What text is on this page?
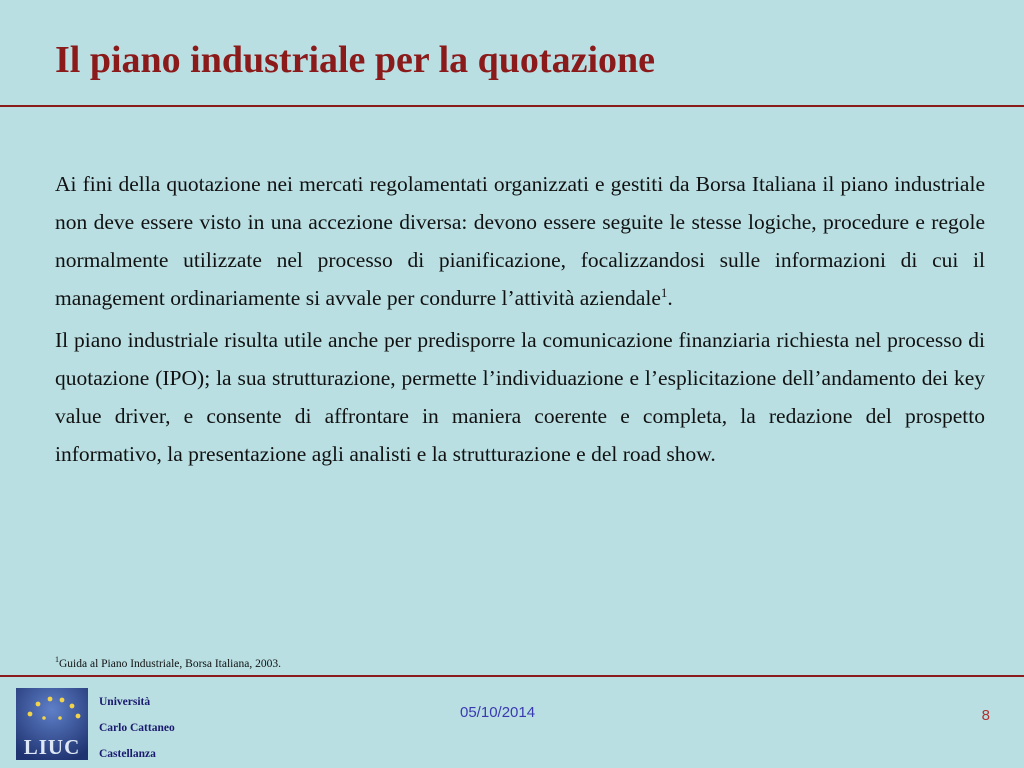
Il piano industriale per la quotazione

Ai fini della quotazione nei mercati regolamentati organizzati e gestiti da Borsa Italiana il piano industriale non deve essere visto in una accezione diversa: devono essere seguite le stesse logiche, procedure e regole normalmente utilizzate nel processo di pianificazione, focalizzandosi sulle informazioni di cui il management ordinariamente si avvale per condurre l’attività aziendale$^1$.

Il piano industriale risulta utile anche per predisporre la comunicazione finanziaria richiesta nel processo di quotazione (IPO); la sua strutturazione, permette l’individuazione e l’esplicitazione dell’andamento dei key value driver, e consente di affrontare in maniera coerente e completa, la redazione del prospetto informativo, la presentazione agli analisti e la strutturazione e del road show.

$^1$Guida al Piano Industriale, Borsa Italiana, 2003.
LIUC
Università
Carlo Cattaneo
Castellanza
05/10/2014	8
